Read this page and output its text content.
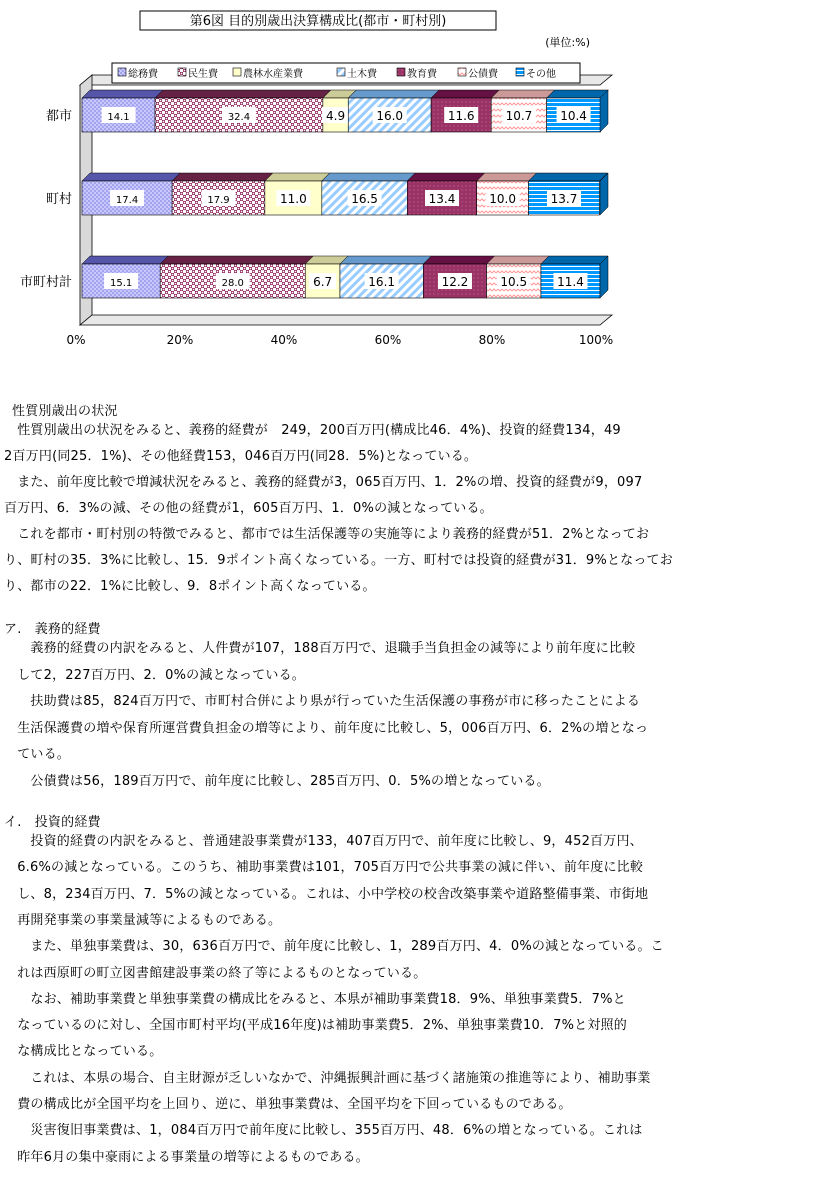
第6図 目的別歳出決算構成比(都市・町村別)
(単位:%)
総務費	民生費	農林水産業費	土木費	教育費	公債費	その他
14.1	32.4	4.9	16.0	11.6	10.7 10.4
17.4	17.9	11.0	16.5	13.4	10.0	13.7
15.1	28.0	6.7	16.1	12.2	10.5	11.4
都市
町村
市町村計
0%	20%	40%	60%	80%	100%
性質別歳出の状況
　性質別歳出の状況をみると、義務的経費が　249，200百万円(構成比46．4%)、投資的経費134，49
2百万円(同25．1%)、その他経費153，046百万円(同28．5%)となっている。
　また、前年度比較で増減状況をみると、義務的経費が3，065百万円、1．2%の増、投資的経費が9，097
百万円、6．3%の減、その他の経費が1，605百万円、1．0%の減となっている。
　これを都市・町村別の特徴でみると、都市では生活保護等の実施等により義務的経費が51．2%となってお
り、町村の35．3%に比較し、15．9ポイント高くなっている。一方、町村では投資的経費が31．9%となってお
り、都市の22．1%に比較し、9．8ポイント高くなっている。
ア.　義務的経費
　　義務的経費の内訳をみると、人件費が107，188百万円で、退職手当負担金の減等により前年度に比較
　して2，227百万円、2．0%の減となっている。
　　扶助費は85，824百万円で、市町村合併により県が行っていた生活保護の事務が市に移ったことによる
　生活保護費の増や保育所運営費負担金の増等により、前年度に比較し、5，006百万円、6．2%の増となっ
　ている。
　　公債費は56，189百万円で、前年度に比較し、285百万円、0．5%の増となっている。
イ.　投資的経費
　　投資的経費の内訳をみると、普通建設事業費が133，407百万円で、前年度に比較し、9，452百万円、
　6.6%の減となっている。このうち、補助事業費は101，705百万円で公共事業の減に伴い、前年度に比較
　し、8，234百万円、7．5%の減となっている。これは、小中学校の校舎改築事業や道路整備事業、市街地
　再開発事業の事業量減等によるものである。
　　また、単独事業費は、30，636百万円で、前年度に比較し、1，289百万円、4．0%の減となっている。こ
　れは西原町の町立図書館建設事業の終了等によるものとなっている。
　　なお、補助事業費と単独事業費の構成比をみると、本県が補助事業費18．9%、単独事業費5．7%と
　なっているのに対し、全国市町村平均(平成16年度)は補助事業費5．2%、単独事業費10．7%と対照的
　な構成比となっている。
　　これは、本県の場合、自主財源が乏しいなかで、沖縄振興計画に基づく諸施策の推進等により、補助事業
　費の構成比が全国平均を上回り、逆に、単独事業費は、全国平均を下回っているものである。
　　災害復旧事業費は、1，084百万円で前年度に比較し、355百万円、48．6%の増となっている。これは
　昨年6月の集中豪雨による事業量の増等によるものである。
